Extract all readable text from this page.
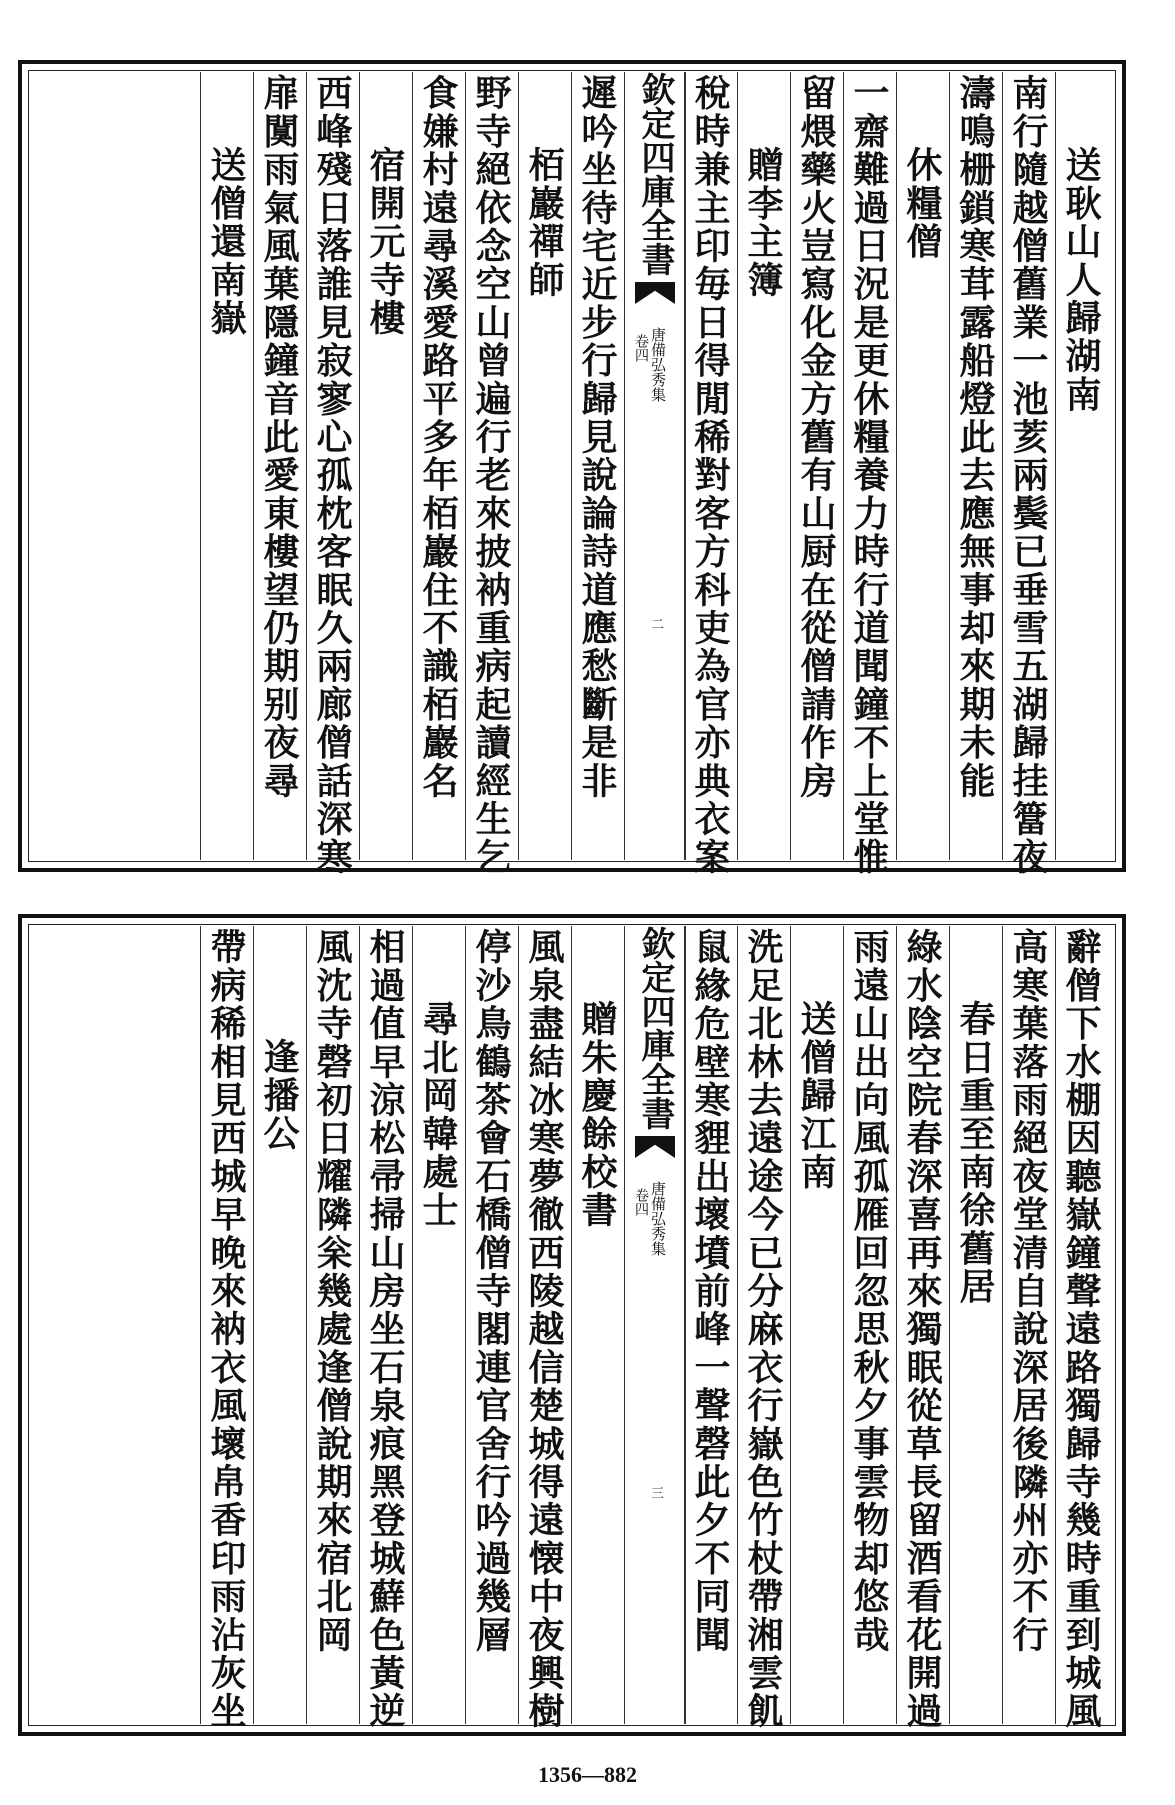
送耿山人歸湖南
南行隨越僧舊業一池荄兩鬓已垂雪五湖歸挂簹夜
濤鳴栅鎖寒茸露船燈此去應無事却來期未能
休糧僧
一齋難過日況是更休糧養力時行道聞鐘不上堂惟
留煨藥火豈寫化金方舊有山厨在從僧請作房
贈李主簿
稅時兼主印毎日得閒稀對客方科吏為官亦典衣案
欽定四庫全書
唐備弘秀集
卷四
二
遲吟坐待宅近步行歸見說論詩道應愁斷是非
栢巖禪師
野寺絕依念空山曾遍行老來披衲重病起讀經生乞
食嫌村遠尋溪愛路平多年栢巖住不識栢巖名
宿開元寺樓
西峰殘日落誰見寂寥心孤枕客眠久兩廊僧話深寒
扉闃雨氣風葉隱鐘音此愛東樓望仍期别夜尋
送僧還南嶽
辭僧下水棚因聽嶽鐘聲遠路獨歸寺幾時重到城風
高寒葉落雨絕夜堂清自說深居後隣州亦不行
春日重至南徐舊居
綠水陰空院春深喜再來獨眠從草長留酒看花開過
雨遠山出向風孤雁回忽思秋夕事雲物却悠哉
送僧歸江南
洗足北林去遠途今已分麻衣行嶽色竹杖帶湘雲飢
鼠緣危壁寒貍出壞墳前峰一聲磬此夕不同聞
欽定四庫全書
唐備弘秀集
卷四
三
贈朱慶餘校書
風泉盡結冰寒夢徹西陵越信楚城得遠懐中夜興樹
停沙鳥鶴茶會石橋僧寺閣連官舍行吟過幾層
尋北岡韓處士
相過值早涼松帚掃山房坐石泉痕黑登城蘚色黃逆
風沈寺磬初日耀隣枀幾處逢僧說期來宿北岡
逢播公
帶病稀相見西城早晚來衲衣風壞帛香印雨沾灰坐
1356—882
